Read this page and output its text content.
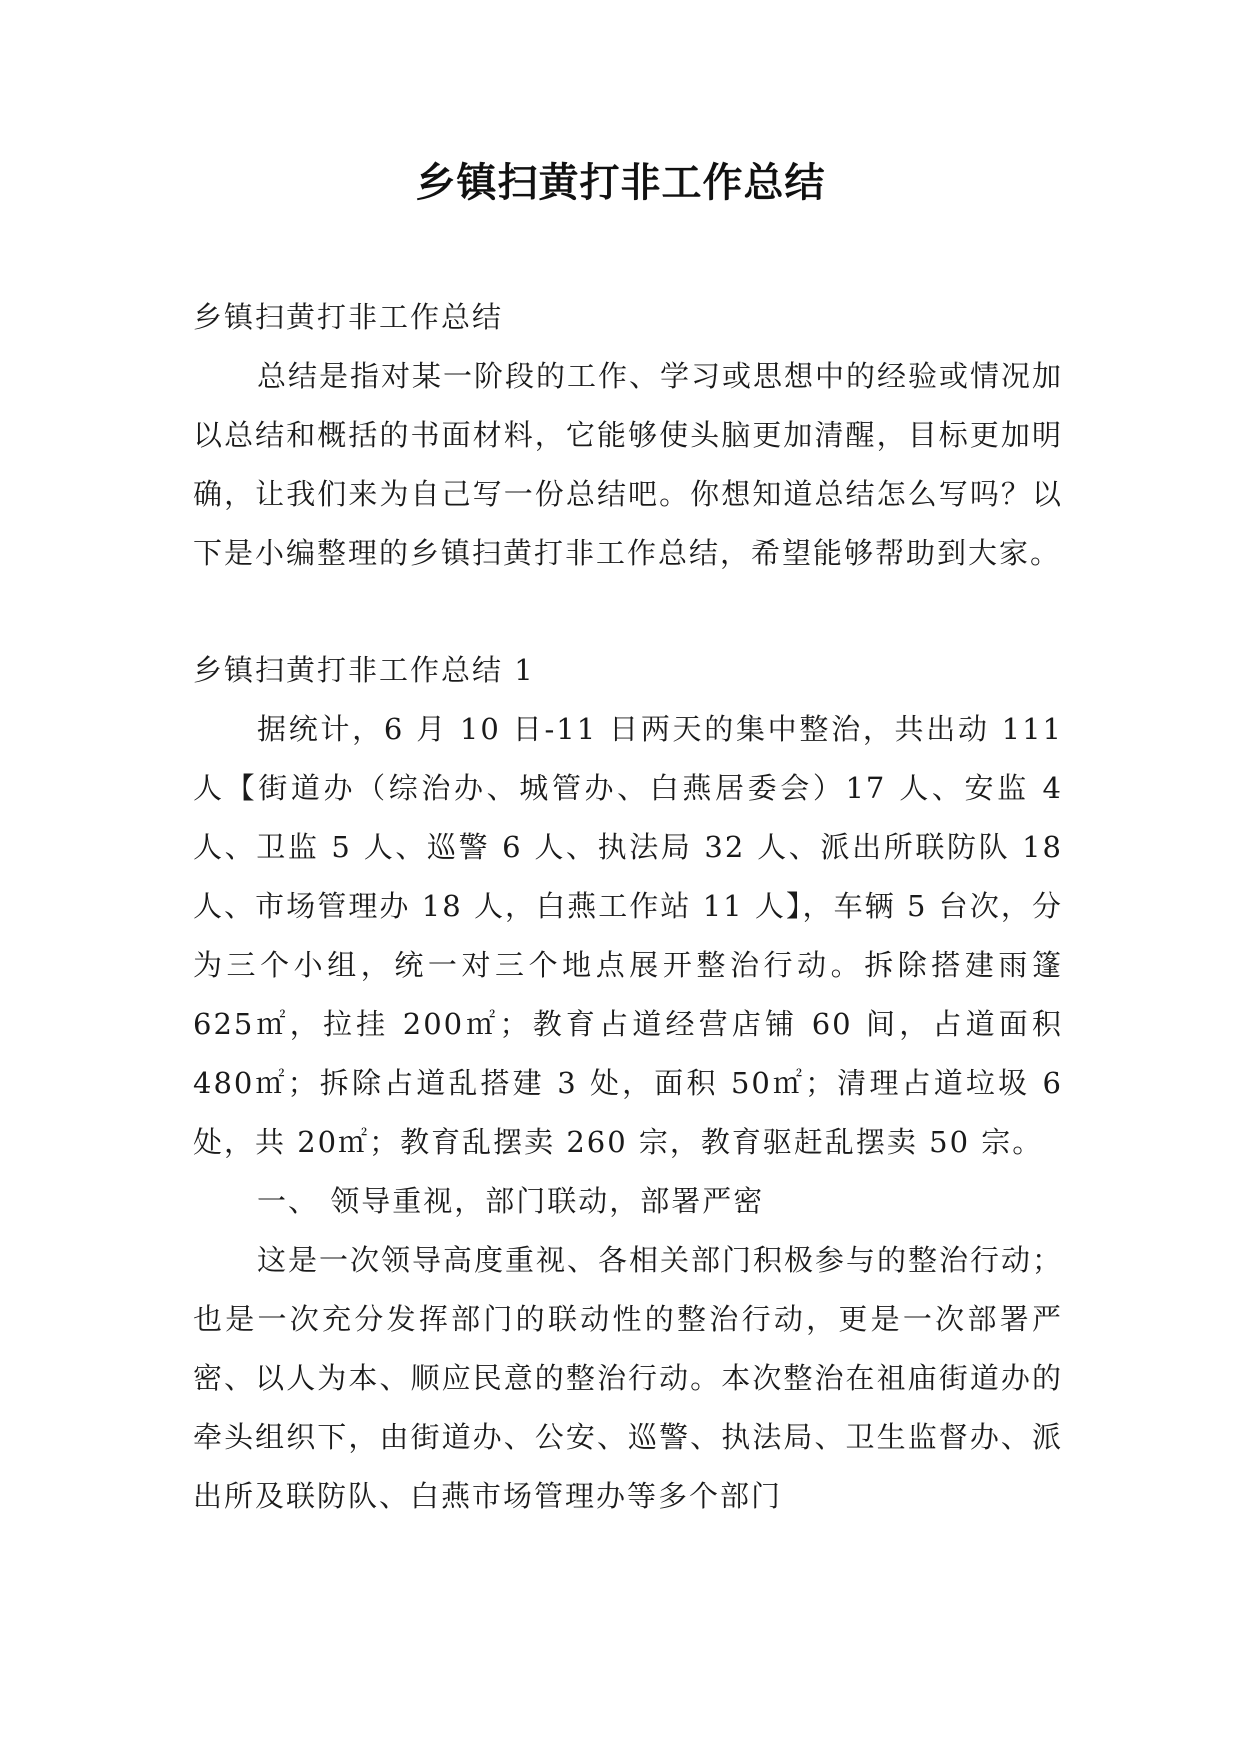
乡镇扫黄打非工作总结

乡镇扫黄打非工作总结

总结是指对某一阶段的工作、学习或思想中的经验或情况加以总结和概括的书面材料，它能够使头脑更加清醒，目标更加明确，让我们来为自己写一份总结吧。你想知道总结怎么写吗？以下是小编整理的乡镇扫黄打非工作总结，希望能够帮助到大家。

乡镇扫黄打非工作总结 1

据统计，6 月 10 日-11 日两天的集中整治，共出动 111 人【街道办（综治办、城管办、白燕居委会）17 人、安监 4 人、卫监 5 人、巡警 6 人、执法局 32 人、派出所联防队 18 人、市场管理办 18 人，白燕工作站 11 人】，车辆 5 台次，分为三个小组，统一对三个地点展开整治行动。拆除搭建雨篷 625㎡，拉挂 200㎡；教育占道经营店铺 60 间，占道面积 480㎡；拆除占道乱搭建 3 处，面积 50㎡；清理占道垃圾 6 处，共 20㎡；教育乱摆卖 260 宗，教育驱赶乱摆卖 50 宗。

一、 领导重视，部门联动，部署严密

这是一次领导高度重视、各相关部门积极参与的整治行动；也是一次充分发挥部门的联动性的整治行动，更是一次部署严密、以人为本、顺应民意的整治行动。本次整治在祖庙街道办的牵头组织下，由街道办、公安、巡警、执法局、卫生监督办、派出所及联防队、白燕市场管理办等多个部门
